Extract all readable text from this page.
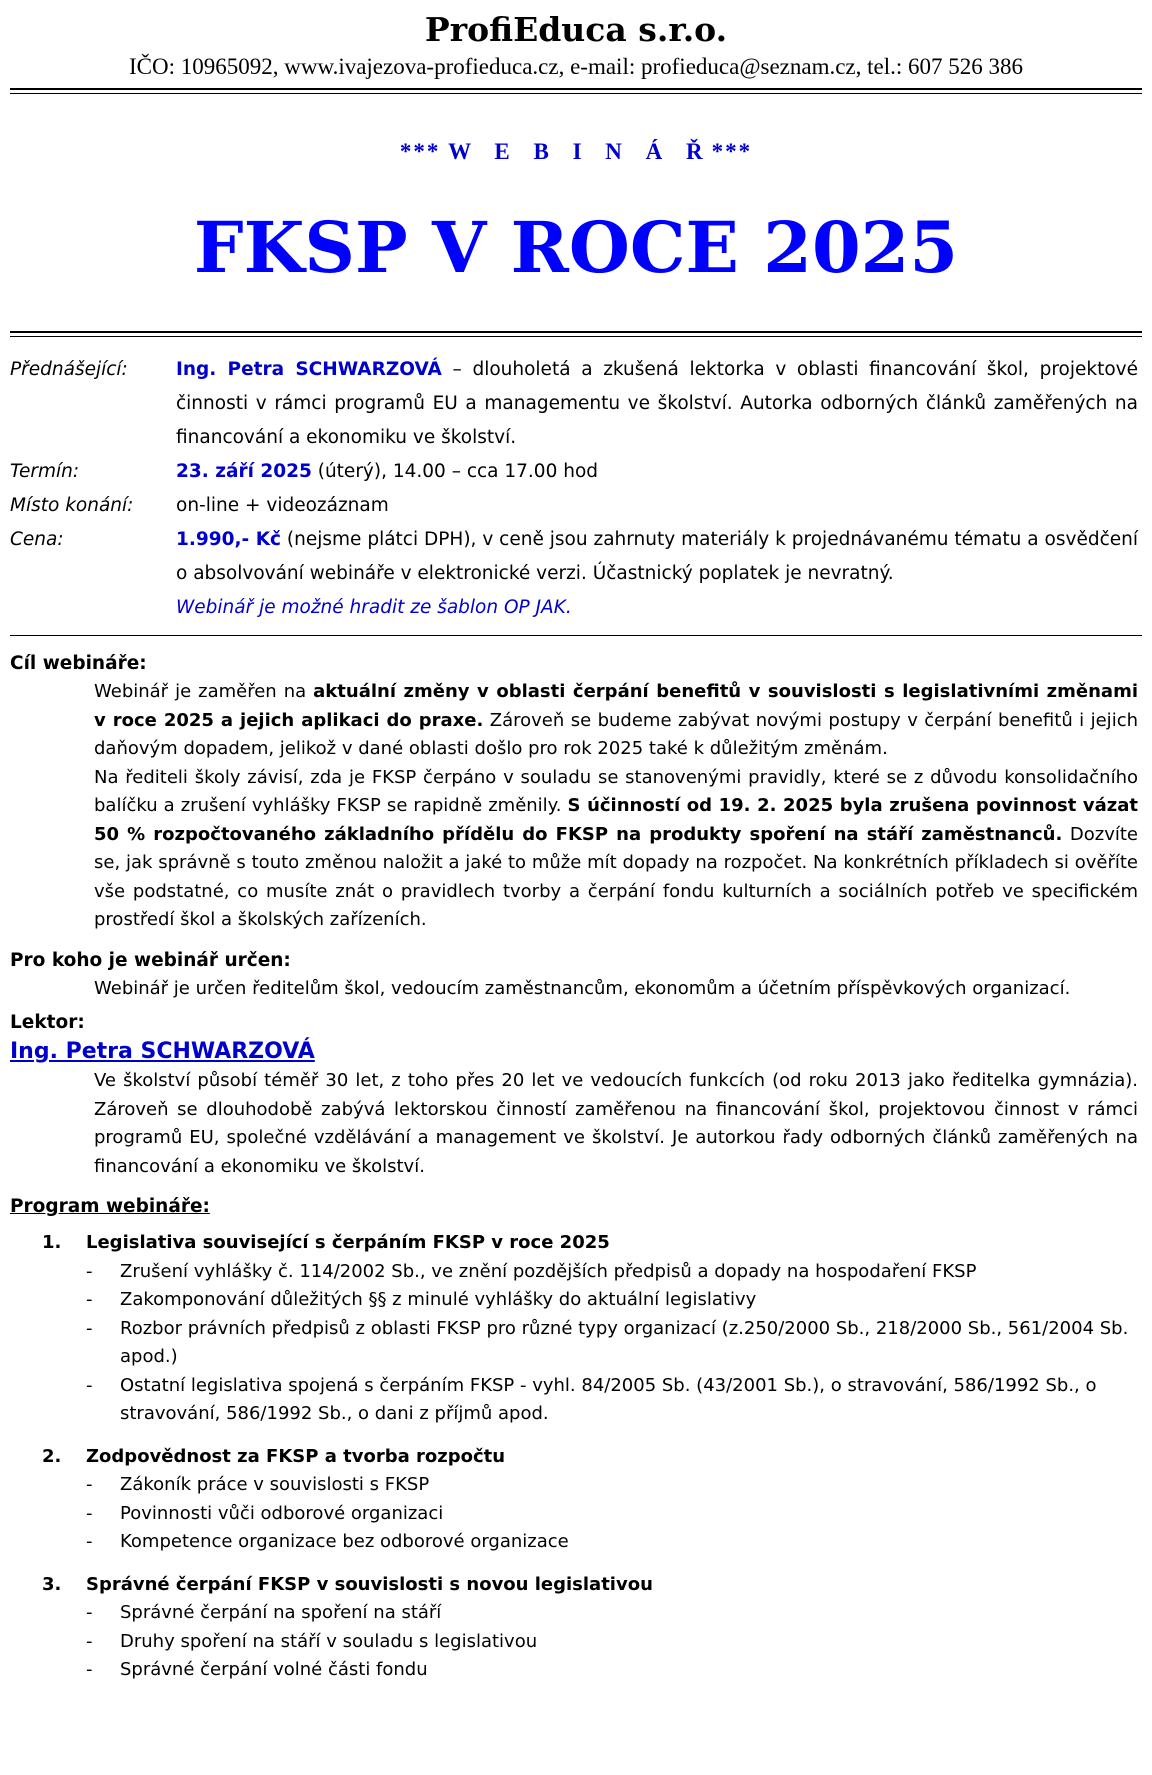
ProfiEduca s.r.o.
IČO: 10965092, www.ivajezova-profieduca.cz, e-mail: profieduca@seznam.cz, tel.: 607 526 386
*** W E B I N Á Ř***
FKSP V ROCE 2025
Přednášející:	Ing. Petra SCHWARZOVÁ – dlouholetá a zkušená lektorka v oblasti financování škol, projektové činnosti v rámci programů EU a managementu ve školství. Autorka odborných článků zaměřených na financování a ekonomiku ve školství.
Termín:	23. září 2025 (úterý), 14.00 – cca 17.00 hod
Místo konání:	on-line + videozáznam
Cena:	1.990,- Kč (nejsme plátci DPH), v ceně jsou zahrnuty materiály k projednávanému tématu a osvědčení o absolvování webináře v elektronické verzi. Účastnický poplatek je nevratný.
Webinář je možné hradit ze šablon OP JAK.
Cíl webináře:
Webinář je zaměřen na aktuální změny v oblasti čerpání benefitů v souvislosti s legislativními změnami v roce 2025 a jejich aplikaci do praxe. Zároveň se budeme zabývat novými postupy v čerpání benefitů i jejich daňovým dopadem, jelikož v dané oblasti došlo pro rok 2025 také k důležitým změnám.
Na řediteli školy závisí, zda je FKSP čerpáno v souladu se stanovenými pravidly, které se z důvodu konsolidačního balíčku a zrušení vyhlášky FKSP se rapidně změnily. S účinností od 19. 2. 2025 byla zrušena povinnost vázat 50 % rozpočtovaného základního přídělu do FKSP na produkty spoření na stáří zaměstnanců. Dozvíte se, jak správně s touto změnou naložit a jaké to může mít dopady na rozpočet. Na konkrétních příkladech si ověříte vše podstatné, co musíte znát o pravidlech tvorby a čerpání fondu kulturních a sociálních potřeb ve specifickém prostředí škol a školských zařízeních.
Pro koho je webinář určen:
Webinář je určen ředitelům škol, vedoucím zaměstnancům, ekonomům a účetním příspěvkových organizací.
Lektor:
Ing. Petra SCHWARZOVÁ
Ve školství působí téměř 30 let, z toho přes 20 let ve vedoucích funkcích (od roku 2013 jako ředitelka gymnázia). Zároveň se dlouhodobě zabývá lektorskou činností zaměřenou na financování škol, projektovou činnost v rámci programů EU, společné vzdělávání a management ve školství. Je autorkou řady odborných článků zaměřených na financování a ekonomiku ve školství.
Program webináře:
1.	Legislativa související s čerpáním FKSP v roce 2025
-	Zrušení vyhlášky č. 114/2002 Sb., ve znění pozdějších předpisů a dopady na hospodaření FKSP
-	Zakomponování důležitých §§ z minulé vyhlášky do aktuální legislativy
-	Rozbor právních předpisů z oblasti FKSP pro různé typy organizací (z.250/2000 Sb., 218/2000 Sb., 561/2004 Sb. apod.)
-	Ostatní legislativa spojená s čerpáním FKSP - vyhl. 84/2005 Sb. (43/2001 Sb.), o stravování, 586/1992 Sb., o stravování, 586/1992 Sb., o dani z příjmů apod.
2.	Zodpovědnost za FKSP a tvorba rozpočtu
-	Zákoník práce v souvislosti s FKSP
-	Povinnosti vůči odborové organizaci
-	Kompetence organizace bez odborové organizace
3.	Správné čerpání FKSP v souvislosti s novou legislativou
-	Správné čerpání na spoření na stáří
-	Druhy spoření na stáří v souladu s legislativou
-	Správné čerpání volné části fondu
